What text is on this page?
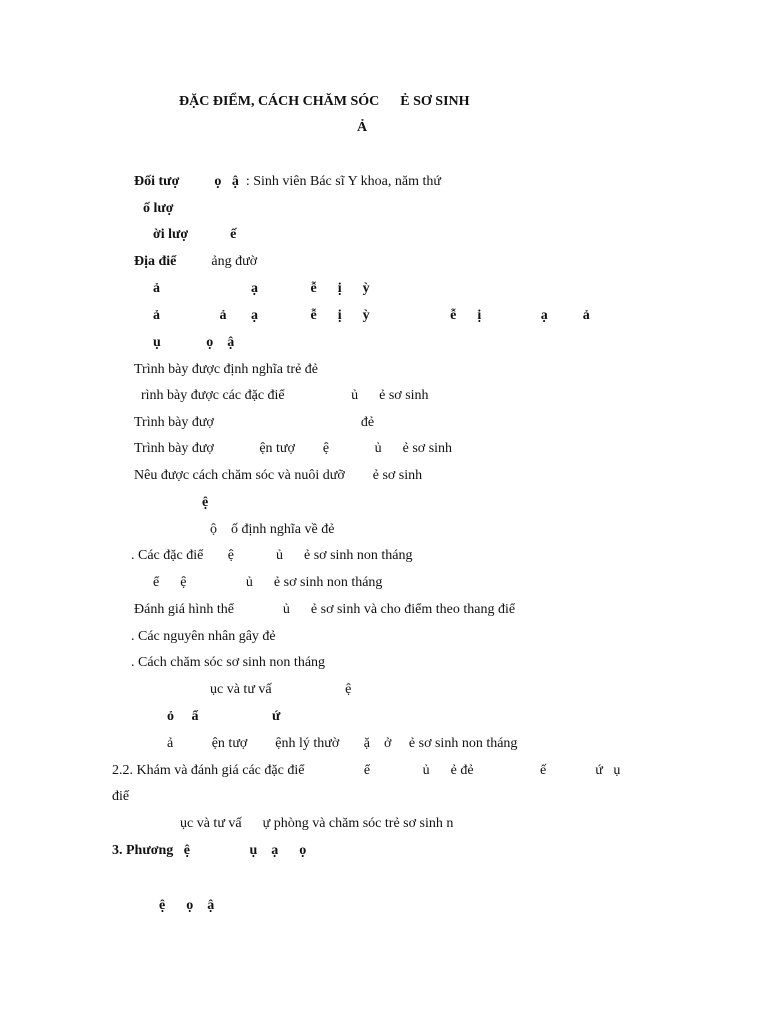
ĐẶC ĐIỂM, CÁCH CHĂM SÓC      Ẻ SƠ SINH

Ả

Đối tượ          ọ   ậ  : Sinh viên Bác sĩ Y khoa, năm thứ

ố lượ

ời lượ            ế

Địa điể          ảng đườ

ả                          ạ               ễ      ị      ỳ

ả                 ả       ạ               ễ      ị      ỳ                       ễ      ị                 ạ          ả

ụ             ọ    ậ

Trình bày được định nghĩa trẻ đẻ

rình bày được các đặc điể                   ủ      ẻ sơ sinh

Trình bày đượ                                          đẻ

Trình bày đượ             ện tượ        ệ             ủ      ẻ sơ sinh

Nêu được cách chăm sóc và nuôi dưỡ        ẻ sơ sinh

ệ

ộ    ố định nghĩa về đẻ

. Các đặc điể       ệ            ủ      ẻ sơ sinh non tháng

ể      ệ                 ủ      ẻ sơ sinh non tháng

Đánh giá hình thể              ủ      ẻ sơ sinh và cho điểm theo thang điể

. Các nguyên nhân gây đẻ

. Cách chăm sóc sơ sinh non tháng

ục và tư vấ                     ệ

ỏ     ẩ                     ứ

ả           ện tượ        ệnh lý thườ       ặ    ở     ẻ sơ sinh non tháng

2.2. Khám và đánh giá các đặc điể                 ể               ủ      ẻ đẻ                   ế              ứ   ụ

điể

ục và tư vấ      ự phòng và chăm sóc trẻ sơ sinh n

3. Phương   ệ                 ụ    ạ      ọ

ệ      ọ    ậ
